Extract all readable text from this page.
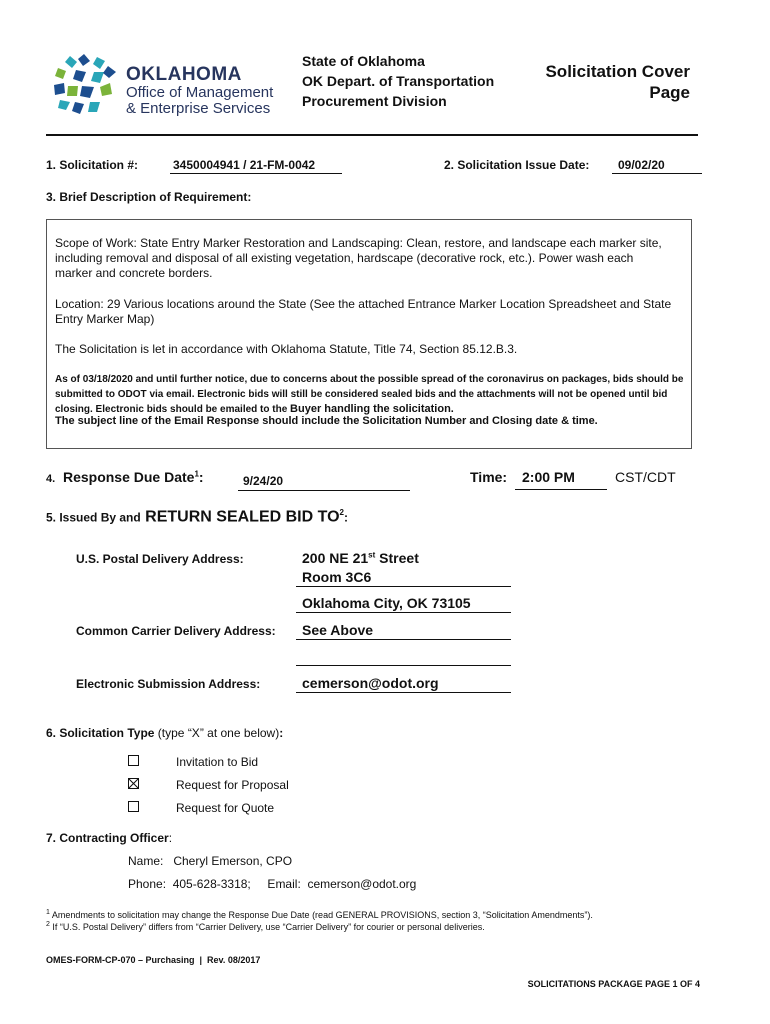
OKLAHOMA
Office of Management
& Enterprise Services
State of Oklahoma
OK Depart. of Transportation
Procurement Division
Solicitation Cover
Page
1. Solicitation #:	3450004941 / 21-FM-0042	2. Solicitation Issue Date: 09/02/20
3. Brief Description of Requirement:
Scope of Work: State Entry Marker Restoration and Landscaping: Clean, restore, and landscape each marker site, including removal and disposal of all existing vegetation, hardscape (decorative rock, etc.). Power wash each marker and concrete borders.
Location: 29 Various locations around the State (See the attached Entrance Marker Location Spreadsheet and State Entry Marker Map)
The Solicitation is let in accordance with Oklahoma Statute, Title 74, Section 85.12.B.3.
As of 03/18/2020 and until further notice, due to concerns about the possible spread of the coronavirus on packages, bids should be submitted to ODOT via email. Electronic bids will still be considered sealed bids and the attachments will not be opened until bid closing. Electronic bids should be emailed to the Buyer handling the solicitation.
The subject line of the Email Response should include the Solicitation Number and Closing date & time.
4. Response Due Date$^1$:	9/24/20	Time: 2:00 PM	CST/CDT
5. Issued By and RETURN SEALED BID $TO^2$:
U.S. Postal Delivery Address:	200 NE 21st Street
Room 3C6
Oklahoma City, OK 73105
Common Carrier Delivery Address: See Above
Electronic Submission Address:	cemerson@odot.org
6. Solicitation Type (type “X” at one below):
Invitation to Bid
Request for Proposal
Request for Quote
7. Contracting Officer:
Name:   Cheryl Emerson, CPO
Phone:  405-628-3318;     Email:  cemerson@odot.org
$^1$ Amendments to solicitation may change the Response Due Date (read GENERAL PROVISIONS, section 3, “Solicitation Amendments”).
$^2$ If “U.S. Postal Delivery” differs from “Carrier Delivery, use “Carrier Delivery” for courier or personal deliveries.
OMES-FORM-CP-070 – Purchasing  |  Rev. 08/2017
SOLICITATIONS PACKAGE PAGE 1 OF 4
